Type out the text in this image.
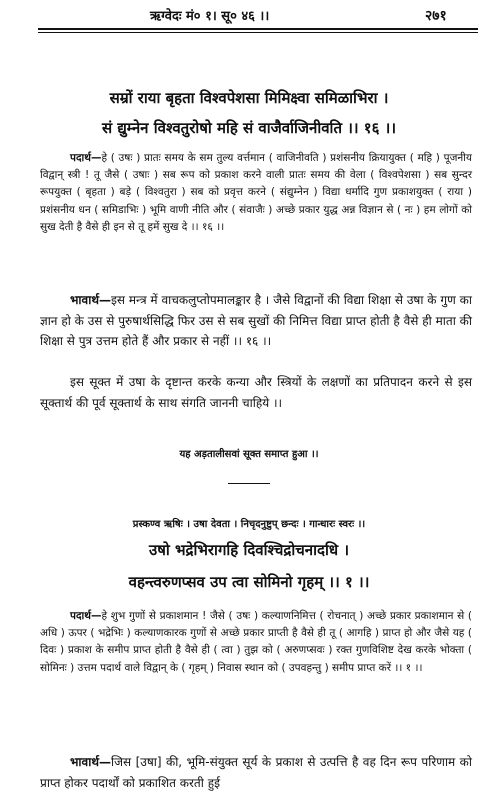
ऋग्वेदः मं० १। सू० ४६ ।।	२७१
सम्रों राया बृहता विश्वपेशसा मिमिक्ष्वा समिळाभिरा ।
सं द्युम्नेन विश्वतुरोषो महि सं वाजैर्वाजिनीवति ।। १६ ।।
पदार्थ—हे ( उषः ) प्रातः समय के सम तुल्य वर्त्तमान ( वाजिनीवति ) प्रशंसनीय क्रियायुक्त ( महि ) पूजनीय विद्वान् स्त्री ! तू जैसे ( उषाः ) सब रूप को प्रकाश करने वाली प्रातः समय की वेला ( विश्वपेशसा ) सब सुन्दर रूपयुक्त ( बृहता ) बड़े ( विश्वतुरा ) सब को प्रवृत्त करने ( संद्युम्नेन ) विद्या धर्मादि गुण प्रकाशयुक्त ( राया ) प्रशंसनीय धन ( समिडाभिः ) भूमि वाणी नीति और ( संवाजैः ) अच्छे प्रकार युद्ध अन्न विज्ञान से ( नः ) हम लोगों को सुख देती है वैसे ही इन से तू हमें सुख दे ।। १६ ।।
भावार्थ—इस मन्त्र में वाचकलुप्तोपमालङ्कार है । जैसे विद्वानों की विद्या शिक्षा से उषा के गुण का ज्ञान हो के उस से पुरुषार्थसिद्धि फिर उस से सब सुखों की निमित्त विद्या प्राप्त होती है वैसे ही माता की शिक्षा से पुत्र उत्तम होते हैं और प्रकार से नहीं ।। १६ ।।
इस सूक्त में उषा के दृष्टान्त करके कन्या और स्त्रियों के लक्षणों का प्रतिपादन करने से इस सूक्तार्थ की पूर्व सूक्तार्थ के साथ संगति जाननी चाहिये ।।
यह अड़तालीसवां सूक्त समाप्त हुआ ।।
प्रस्कण्व ऋषिः । उषा देवता । निचृदनुष्टुप् छन्दः । गान्धारः स्वरः ।।
उषो भद्रेभिरागहि दिवश्चिद्रोचनादधि ।
वहन्त्वरुणप्सव उप त्वा सोमिनो गृहम् ।। १ ।।
पदार्थ—हे शुभ गुणों से प्रकाशमान ! जैसे ( उषः ) कल्याणनिमित्त ( रोचनात् ) अच्छे प्रकार प्रकाशमान से ( अधि ) ऊपर ( भद्रेभिः ) कल्याणकारक गुणों से अच्छे प्रकार प्राप्ती है वैसे ही तू ( आगहि ) प्राप्त हो और जैसे यह ( दिवः ) प्रकाश के समीप प्राप्त होती है वैसे ही ( त्वा ) तुझ को ( अरुणप्सवः ) रक्त गुणविशिष्ट देख करके भोक्ता ( सोमिनः ) उत्तम पदार्थ वाले विद्वान् के ( गृहम् ) निवास स्थान को ( उपवहन्तु ) समीप प्राप्त करें ।। १ ।।
भावार्थ—जिस [उषा] की, भूमि-संयुक्त सूर्य के प्रकाश से उत्पत्ति है वह दिन रूप परिणाम को प्राप्त होकर पदार्थों को प्रकाशित करती हुई
